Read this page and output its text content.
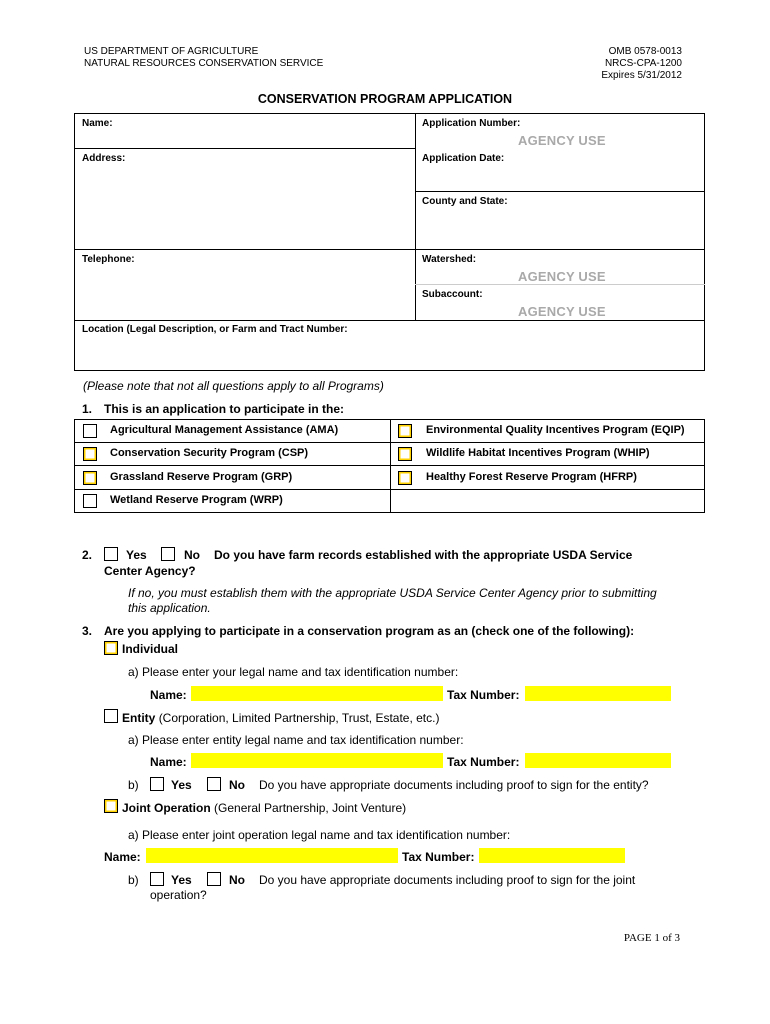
US DEPARTMENT OF AGRICULTURE
NATURAL RESOURCES CONSERVATION SERVICE
OMB 0578-0013
NRCS-CPA-1200
Expires 5/31/2012
CONSERVATION PROGRAM APPLICATION
Name:	Application Number:
AGENCY USE
Address:	Application Date:
County and State:
Telephone:	Watershed:
AGENCY USE
Subaccount:
AGENCY USE
Location (Legal Description, or Farm and Tract Number:
(Please note that not all questions apply to all Programs)
1. This is an application to participate in the:
Agricultural Management Assistance (AMA)	Environmental Quality Incentives Program (EQIP)
Conservation Security Program (CSP)	Wildlife Habitat Incentives Program (WHIP)
Grassland Reserve Program (GRP)	Healthy Forest Reserve Program (HFRP)
Wetland Reserve Program (WRP)
2.	Yes	No Do you have farm records established with the appropriate USDA Service
Center Agency?
If no, you must establish them with the appropriate USDA Service Center Agency prior to submitting
this application.
3. Are you applying to participate in a conservation program as an (check one of the following):
Individual
a) Please enter your legal name and tax identification number:
Name:	Tax Number:
Entity (Corporation, Limited Partnership, Trust, Estate, etc.)
a) Please enter entity legal name and tax identification number:
Name:	Tax Number:
b)	Yes	No Do you have appropriate documents including proof to sign for the entity?
Joint Operation (General Partnership, Joint Venture)
a) Please enter joint operation legal name and tax identification number:
Name:	Tax Number:
b)	Yes	No Do you have appropriate documents including proof to sign for the joint
operation?
PAGE 1 of 3
